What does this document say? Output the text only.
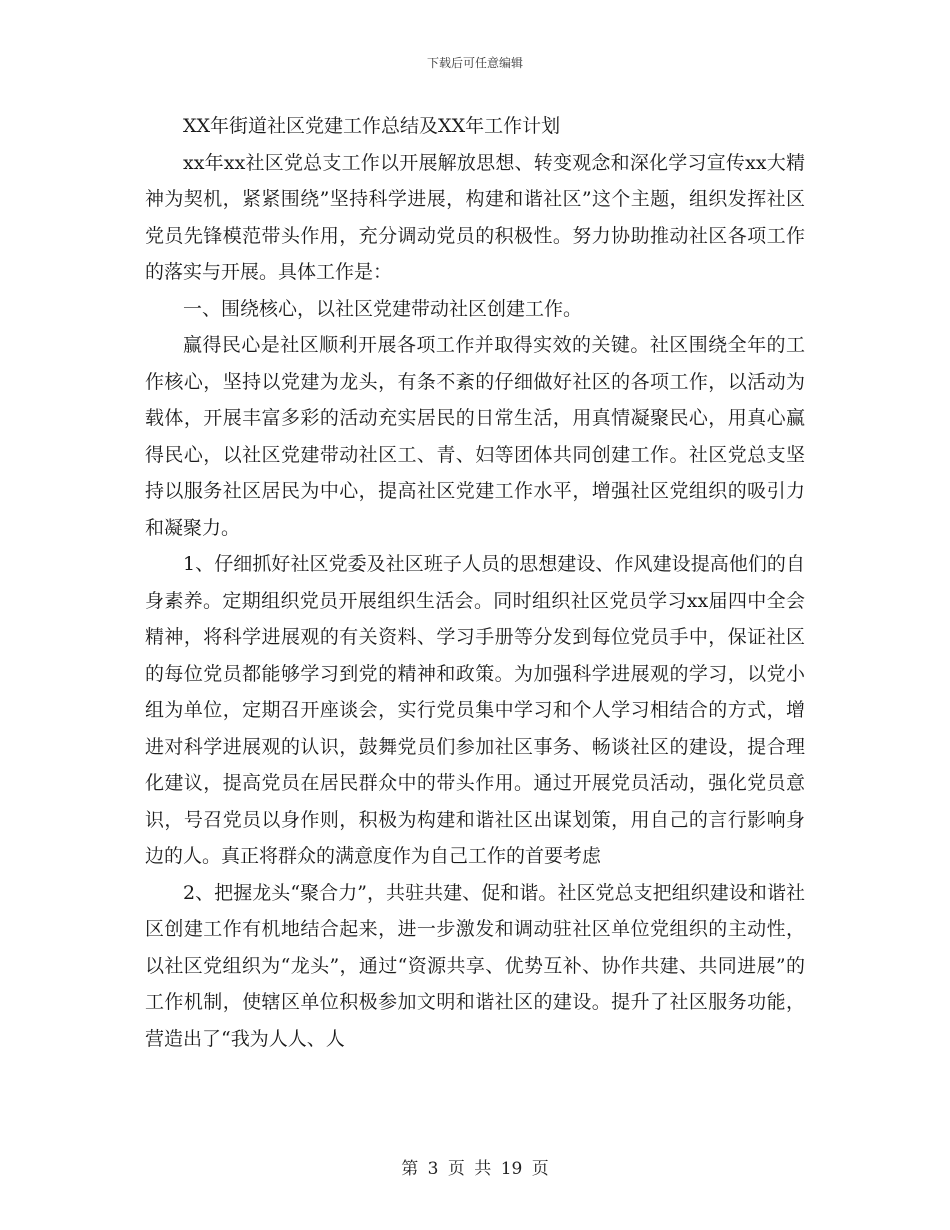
下载后可任意编辑

XX年街道社区党建工作总结及XX年工作计划

xx年xx社区党总支工作以开展解放思想、转变观念和深化学习宣传xx大精神为契机，紧紧围绕”坚持科学进展，构建和谐社区”这个主题，组织发挥社区党员先锋模范带头作用，充分调动党员的积极性。努力协助推动社区各项工作的落实与开展。具体工作是：

一、围绕核心，以社区党建带动社区创建工作。

赢得民心是社区顺利开展各项工作并取得实效的关键。社区围绕全年的工作核心，坚持以党建为龙头，有条不紊的仔细做好社区的各项工作，以活动为载体，开展丰富多彩的活动充实居民的日常生活，用真情凝聚民心，用真心赢得民心，以社区党建带动社区工、青、妇等团体共同创建工作。社区党总支坚持以服务社区居民为中心，提高社区党建工作水平，增强社区党组织的吸引力和凝聚力。

1、仔细抓好社区党委及社区班子人员的思想建设、作风建设提高他们的自身素养。定期组织党员开展组织生活会。同时组织社区党员学习xx届四中全会精神，将科学进展观的有关资料、学习手册等分发到每位党员手中，保证社区的每位党员都能够学习到党的精神和政策。为加强科学进展观的学习，以党小组为单位，定期召开座谈会，实行党员集中学习和个人学习相结合的方式，增进对科学进展观的认识，鼓舞党员们参加社区事务、畅谈社区的建设，提合理化建议，提高党员在居民群众中的带头作用。通过开展党员活动，强化党员意识，号召党员以身作则，积极为构建和谐社区出谋划策，用自己的言行影响身边的人。真正将群众的满意度作为自己工作的首要考虑

2、把握龙头“聚合力”，共驻共建、促和谐。社区党总支把组织建设和谐社区创建工作有机地结合起来，进一步激发和调动驻社区单位党组织的主动性，以社区党组织为“龙头”，通过“资源共享、优势互补、协作共建、共同进展”的工作机制，使辖区单位积极参加文明和谐社区的建设。提升了社区服务功能，营造出了“我为人人、人

第 3 页 共 19 页
